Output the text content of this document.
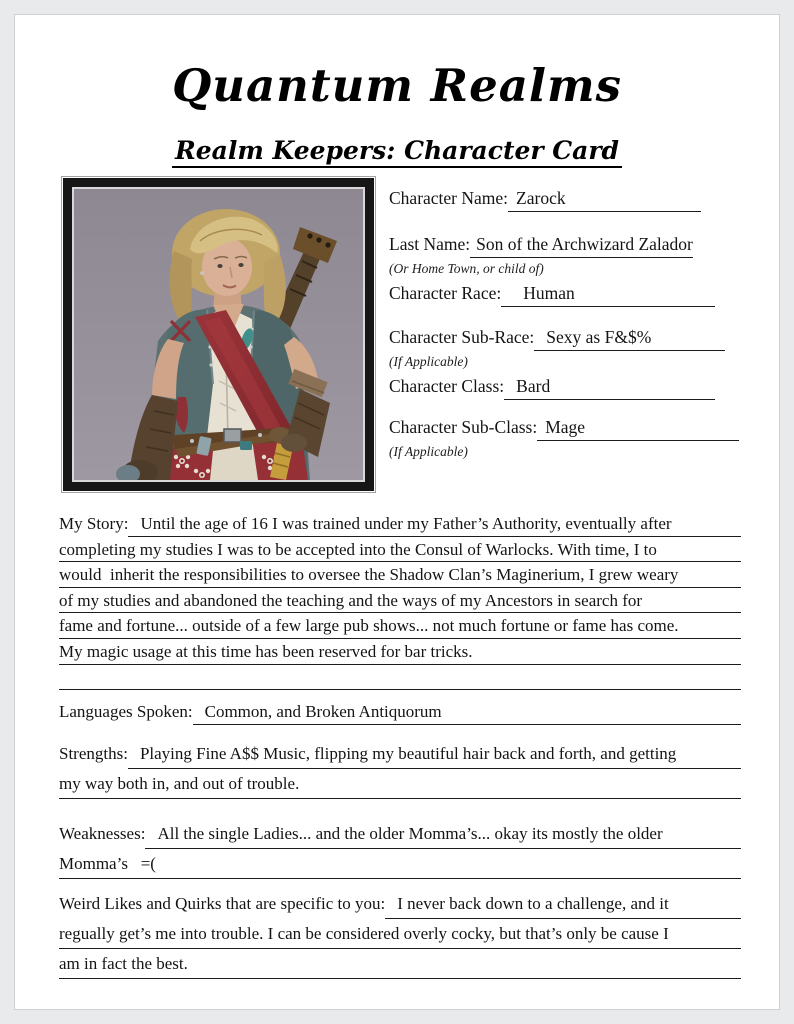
Quantum Realms
Realm Keepers: Character Card
Character Name: Zarock
Last Name: Son of the Archwizard Zalador
(Or Home Town, or child of)
Character Race:	Human
Character Sub-Race: Sexy as F&$%
(If Applicable)
Character Class: Bard
Character Sub-Class: Mage
(If Applicable)
My Story: Until the age of 16 I was trained under my Father’s Authority, eventually after
completing my studies I was to be accepted into the Consul of Warlocks. With time, I to
would  inherit the responsibilities to oversee the Shadow Clan’s Maginerium, I grew weary
of my studies and abandoned the teaching and the ways of my Ancestors in search for
fame and fortune... outside of a few large pub shows... not much fortune or fame has come.
My magic usage at this time has been reserved for bar tricks.
Languages Spoken: Common, and Broken Antiquorum
Strengths: Playing Fine A$$ Music, flipping my beautiful hair back and forth, and getting
my way both in, and out of trouble.
Weaknesses: All the single Ladies... and the older Momma’s... okay its mostly the older
Momma’s   =(
Weird Likes and Quirks that are specific to you: I never back down to a challenge, and it
regually get’s me into trouble. I can be considered overly cocky, but that’s only be cause I
am in fact the best.
